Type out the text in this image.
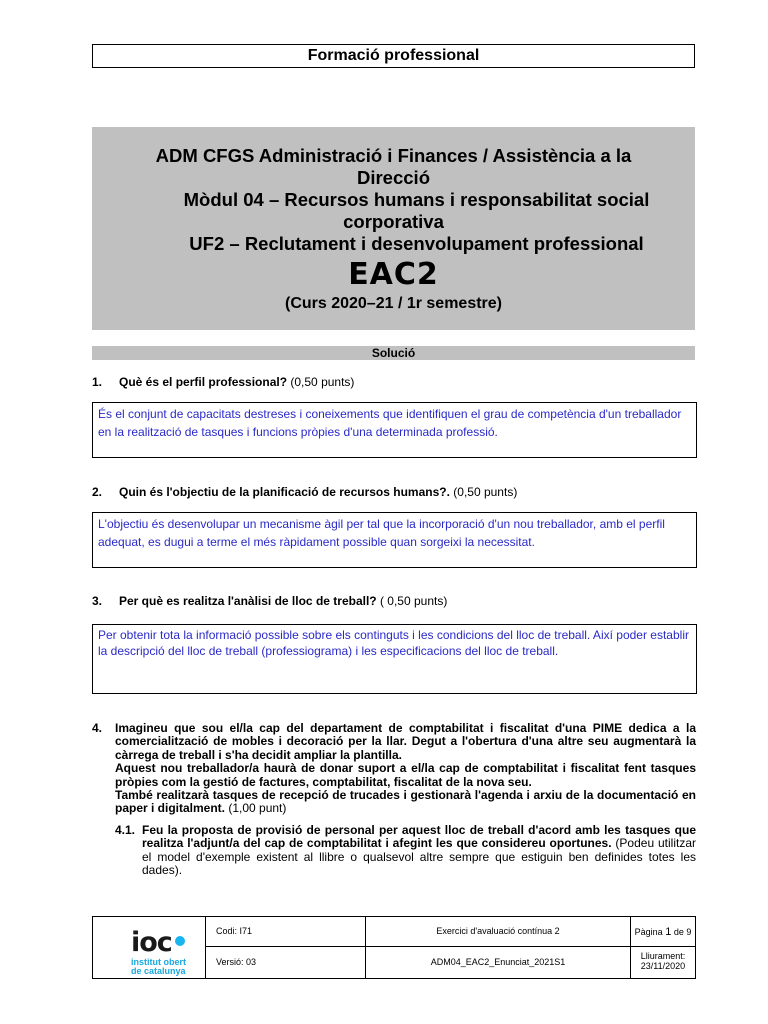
Formació professional
ADM CFGS Administració i Finances / Assistència a la
Direcció
Mòdul 04 – Recursos humans i responsabilitat social
corporativa
UF2 – Reclutament i desenvolupament professional
EAC2
(Curs 2020–21 / 1r semestre)
Solució
1. Què és el perfil professional? (0,50 punts)
És el conjunt de capacitats destreses i coneixements que identifiquen el grau de competència d'un treballador en la realització de tasques i funcions pròpies d'una determinada professió.
2. Quin és l'objectiu de la planificació de recursos humans?. (0,50 punts)
L'objectiu és desenvolupar un mecanisme àgil per tal que la incorporació d'un nou treballador, amb el perfil adequat, es dugui a terme el més ràpidament possible quan sorgeixi la necessitat.
3. Per què es realitza l'anàlisi de lloc de treball? ( 0,50 punts)
Per obtenir tota la informació possible sobre els continguts i les condicions del lloc de treball. Així poder establir la descripció del lloc de treball (professiograma) i les especificacions del lloc de treball.
4. Imagineu que sou el/la cap del departament de comptabilitat i fiscalitat d'una PIME dedica a la comercialització de mobles i decoració per la llar. Degut a l'obertura d'una altre seu augmentarà la càrrega de treball i s'ha decidit ampliar la plantilla.

Aquest nou treballador/a haurà de donar suport a el/la cap de comptabilitat i fiscalitat fent tasques pròpies com la gestió de factures, comptabilitat, fiscalitat de la nova seu.

També realitzarà tasques de recepció de trucades i gestionarà l'agenda i arxiu de la documentació en paper i digitalment. (1,00 punt)

4.1. Feu la proposta de provisió de personal per aquest lloc de treball d'acord amb les tasques que realitza l'adjunt/a del cap de comptabilitat i afegint les que considereu oportunes. (Podeu utilitzar el model d'exemple existent al llibre o qualsevol altre sempre que estiguin ben definides totes les dades).
ioc
institut obert
de catalunya
Codi: I71
Versió: 03
Exercici d'avaluació contínua 2
ADM04_EAC2_Enunciat_2021S1
Pàgina 1 de 9
Lliurament:
23/11/2020
